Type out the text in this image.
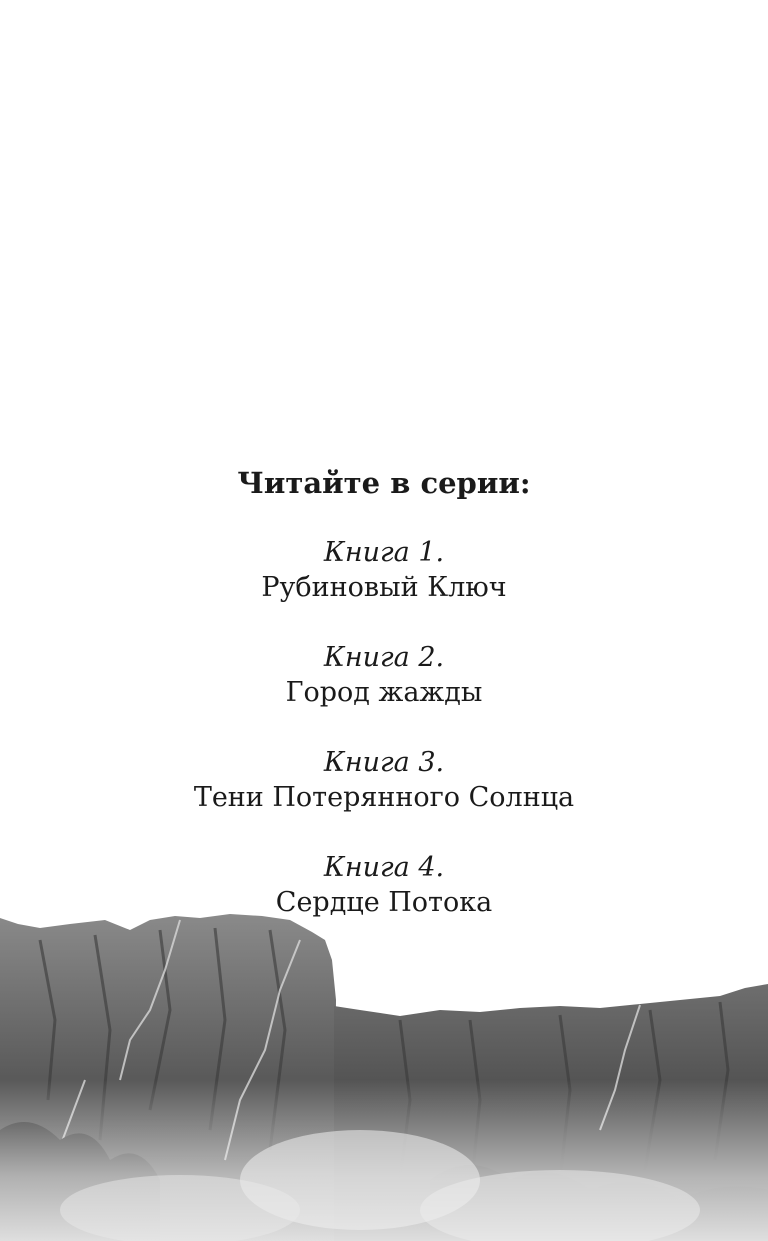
Читайте в серии:
Книга 1.
Рубиновый Ключ
Книга 2.
Город жажды
Книга 3.
Тени Потерянного Солнца
Книга 4.
Сердце Потока
